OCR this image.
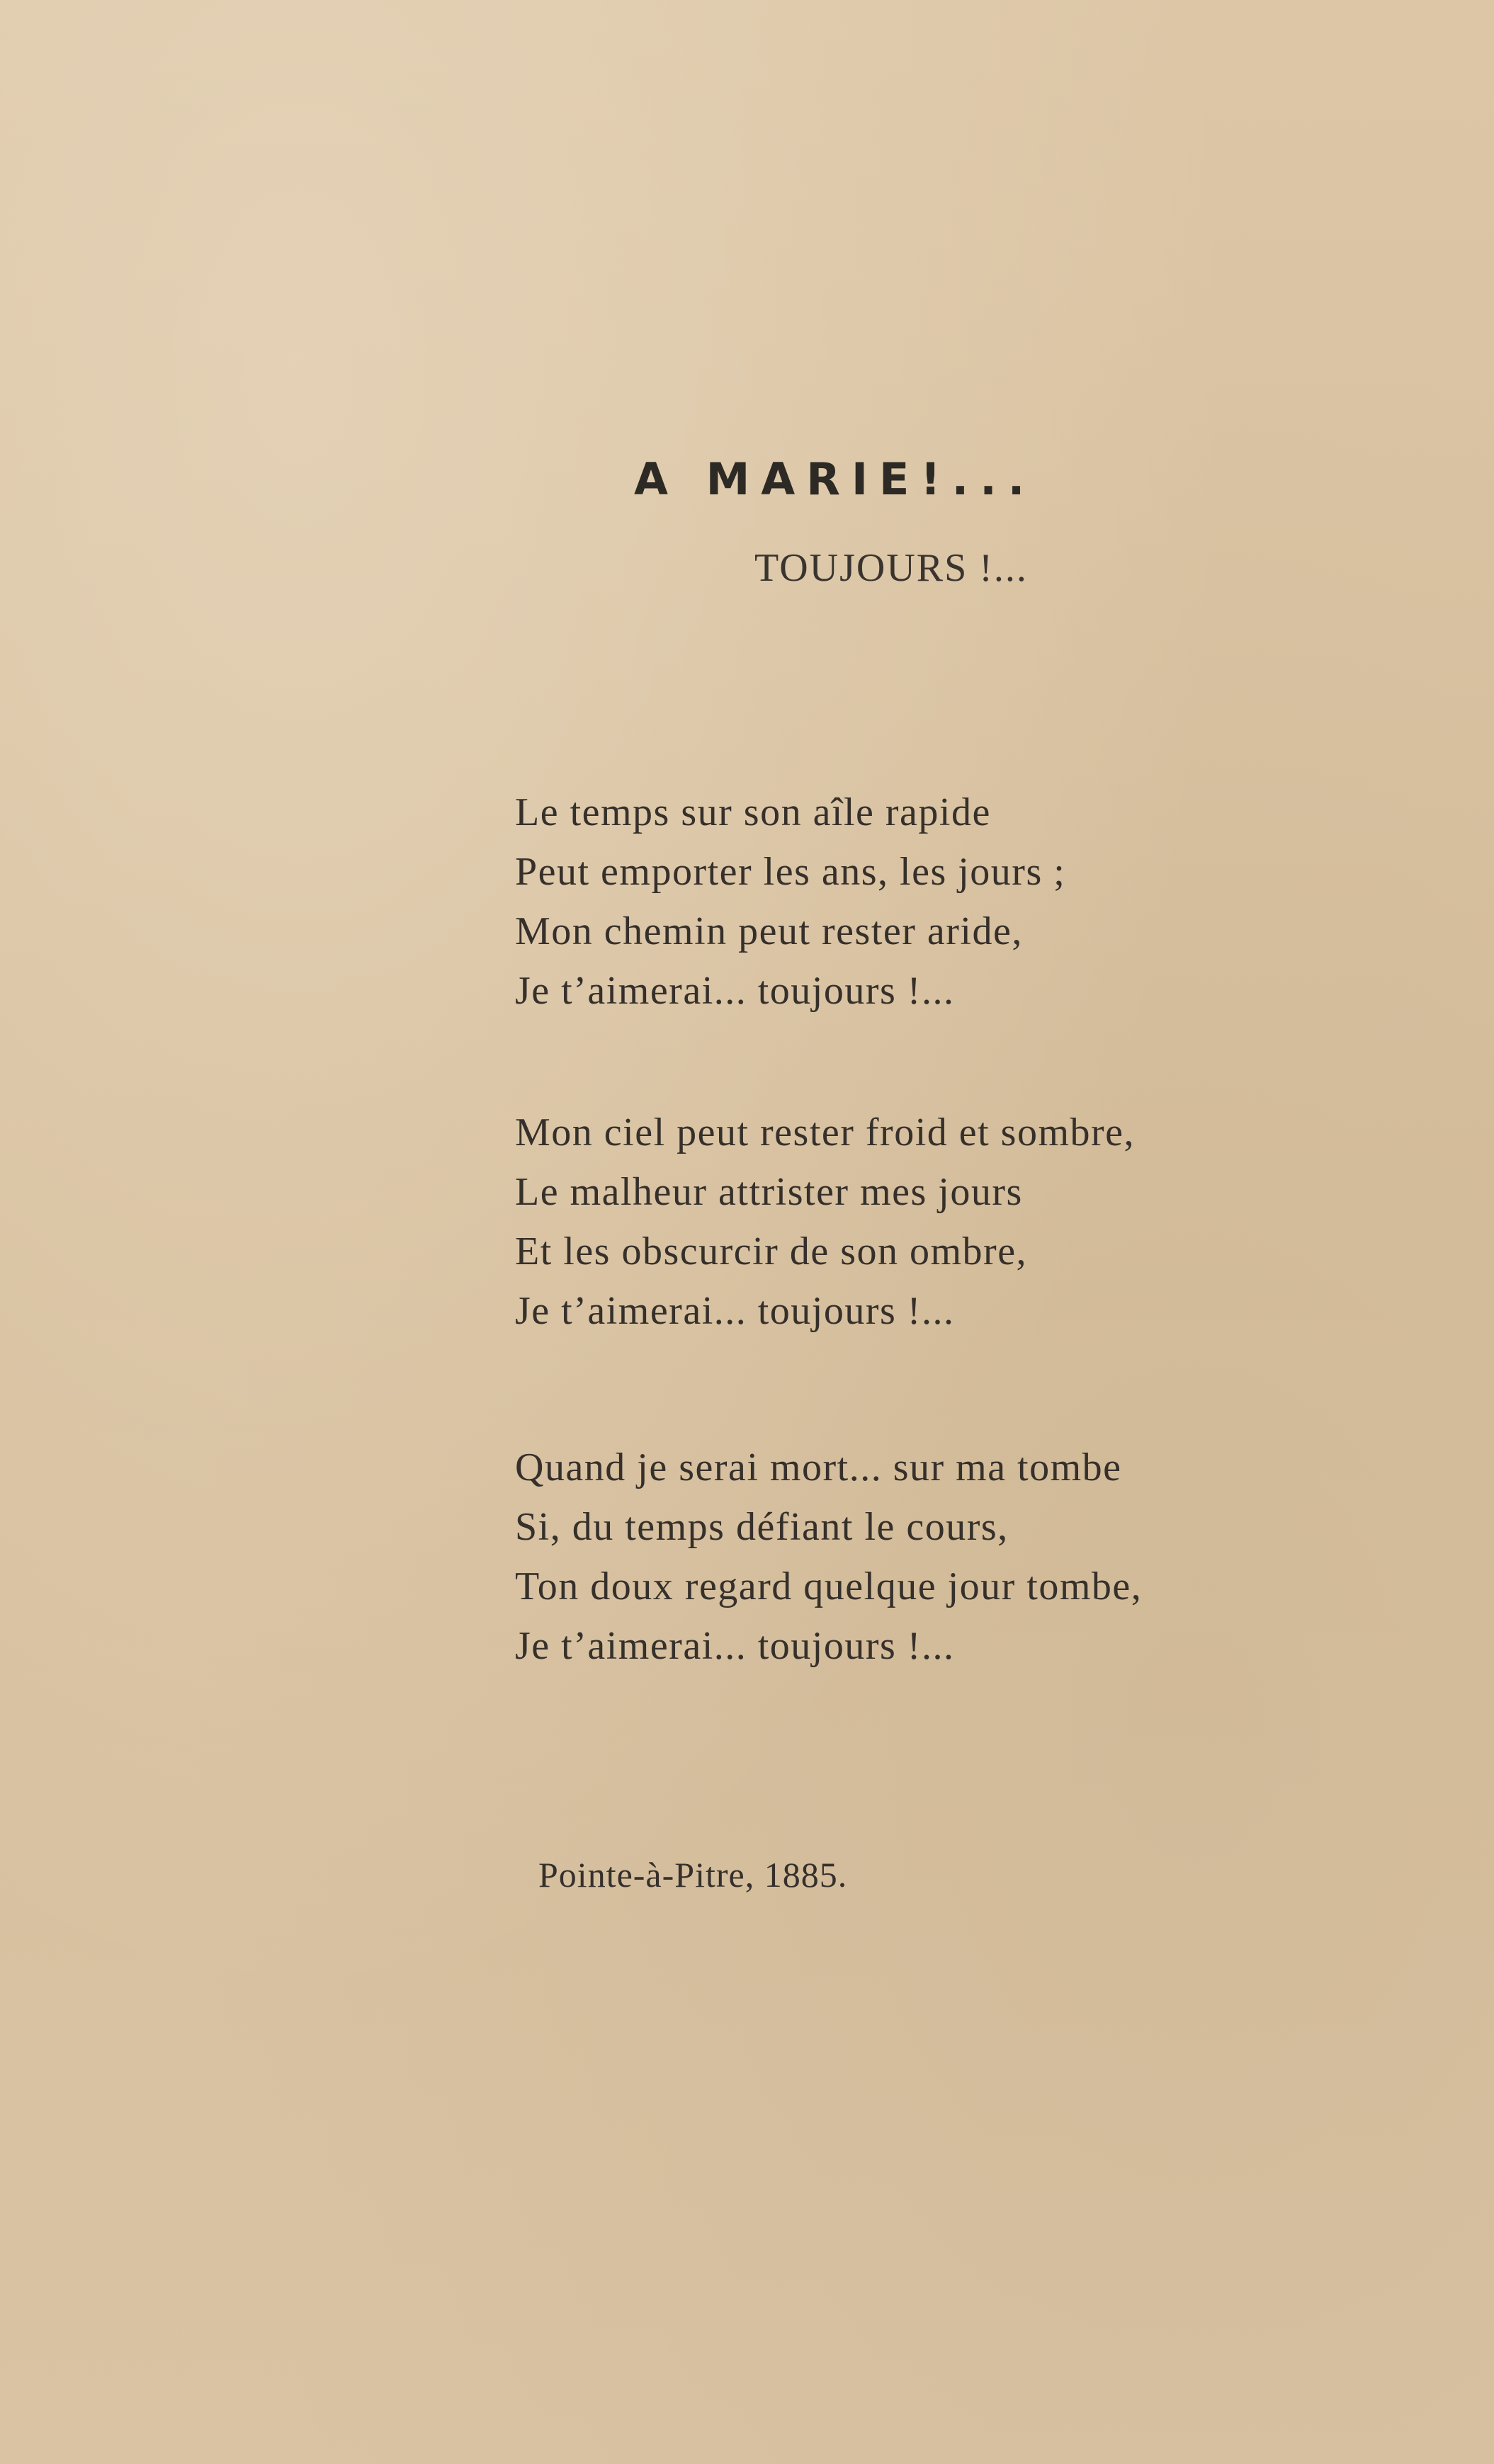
A MARIE!...
TOUJOURS !...
Le temps sur son aîle rapide
Peut emporter les ans, les jours ;
Mon chemin peut rester aride,
Je t’aimerai... toujours !...
Mon ciel peut rester froid et sombre,
Le malheur attrister mes jours
Et les obscurcir de son ombre,
Je t’aimerai... toujours !...
Quand je serai mort... sur ma tombe
Si, du temps défiant le cours,
Ton doux regard quelque jour tombe,
Je t’aimerai... toujours !...
Pointe-à-Pitre, 1885.
